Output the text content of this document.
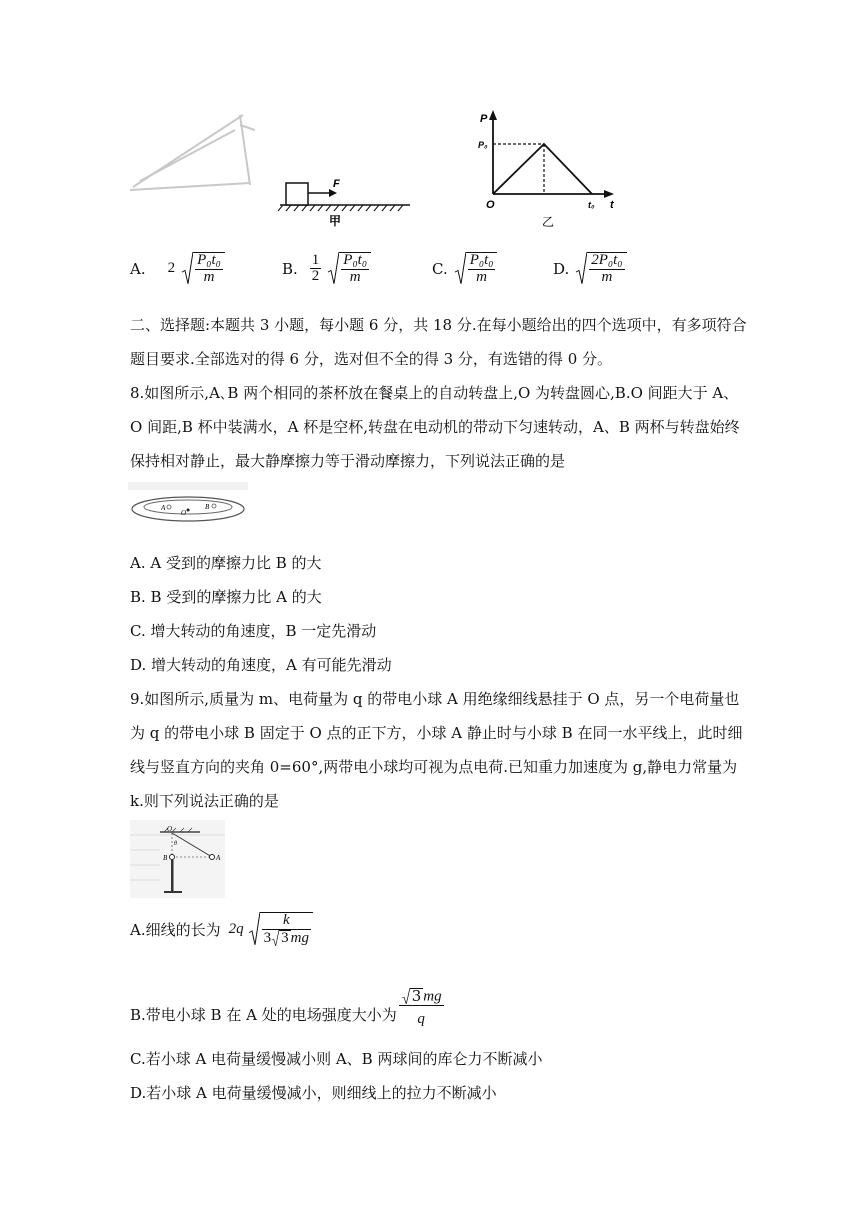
F
甲
P
P₀
O	t₀ t
乙
A. $2 \frac{\text{P₀t₀}}{m}$	B. $\frac{1}{2} \frac{\text{P₀t₀}}{m}$	C. $\frac{\text{P₀t₀}}{m}$	D. $\frac{\text{2P₀t₀}}{m}$
二、选择题:本题共 3 小题，每小题 6 分，共 18 分.在每小题给出的四个选项中，有多项符合
题目要求.全部选对的得 6 分，选对但不全的得 3 分，有选错的得 0 分。
8.如图所示,A､B 两个相同的茶杯放在餐桌上的自动转盘上,O 为转盘圆心,B.O 间距大于 A、
O 间距,B 杯中装满水，A 杯是空杯,转盘在电动机的带动下匀速转动，A、B 两杯与转盘始终
保持相对静止，最大静摩擦力等于滑动摩擦力，下列说法正确的是
A
O
B
A. A 受到的摩擦力比 B 的大
B. B 受到的摩擦力比 A 的大
C. 增大转动的角速度，B 一定先滑动
D. 增大转动的角速度，A 有可能先滑动
9.如图所示,质量为 m、电荷量为 q 的带电小球 A 用绝缘细线悬挂于 O 点，另一个电荷量也
为 q 的带电小球 B 固定于 O 点的正下方，小球 A 静止时与小球 B 在同一水平线上，此时细
线与竖直方向的夹角 0=60°,两带电小球均可视为点电荷.已知重力加速度为 g,静电力常量为
k.则下列说法正确的是
O
θ
B	A
A.细线的长为 $2q \frac{k}{3 3 mg}$
B.带电小球 B 在 A 处的电场强度大小为 $\frac{3 mg}{q}$
C.若小球 A 电荷量缓慢减小则 A、B 两球间的库仑力不断减小
D.若小球 A 电荷量缓慢减小，则细线上的拉力不断减小
